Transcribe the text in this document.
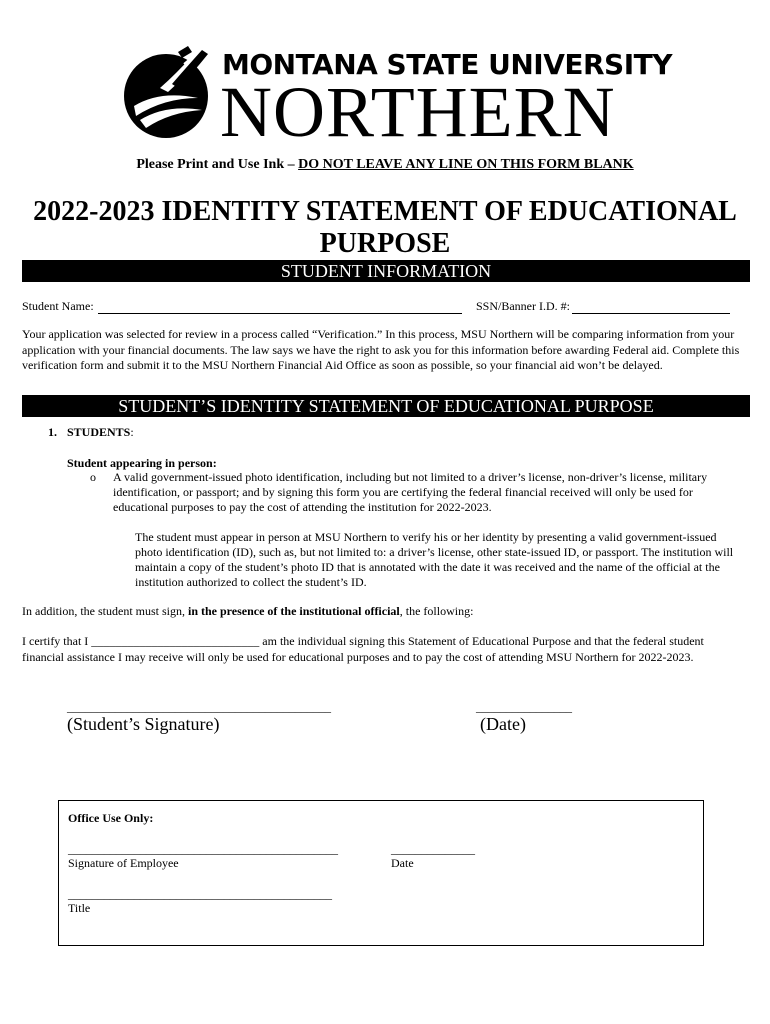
MONTANA STATE UNIVERSITY
NORTHERN
Please Print and Use Ink – DO NOT LEAVE ANY LINE ON THIS FORM BLANK
2022-2023 IDENTITY STATEMENT OF EDUCATIONAL
PURPOSE
STUDENT INFORMATION
Student Name:	SSN/Banner I.D. #:
Your application was selected for review in a process called “Verification.” In this process, MSU Northern will be comparing information from your application with your financial documents. The law says we have the right to ask you for this information before awarding Federal aid. Complete this verification form and submit it to the MSU Northern Financial Aid Office as soon as possible, so your financial aid won’t be delayed.
STUDENT’S IDENTITY STATEMENT OF EDUCATIONAL PURPOSE
1. STUDENTS:
Student appearing in person:
o A valid government-issued photo identification, including but not limited to a driver’s license, non-driver’s license, military identification, or passport; and by signing this form you are certifying the federal financial received will only be used for educational purposes to pay the cost of attending the institution for 2022-2023.
The student must appear in person at MSU Northern to verify his or her identity by presenting a valid government-issued photo identification (ID), such as, but not limited to: a driver’s license, other state-issued ID, or passport. The institution will maintain a copy of the student’s photo ID that is annotated with the date it was received and the name of the official at the institution authorized to collect the student’s ID.
In addition, the student must sign, in the presence of the institutional official, the following:
I certify that I ____________________________ am the individual signing this Statement of Educational Purpose and that the federal student financial assistance I may receive will only be used for educational purposes and to pay the cost of attending MSU Northern for 2022-2023.
____________________________________________	________________
(Student’s Signature)	(Date)
Office Use Only:
_____________________________________________
Signature of Employee
______________
Date
____________________________________________
Title
